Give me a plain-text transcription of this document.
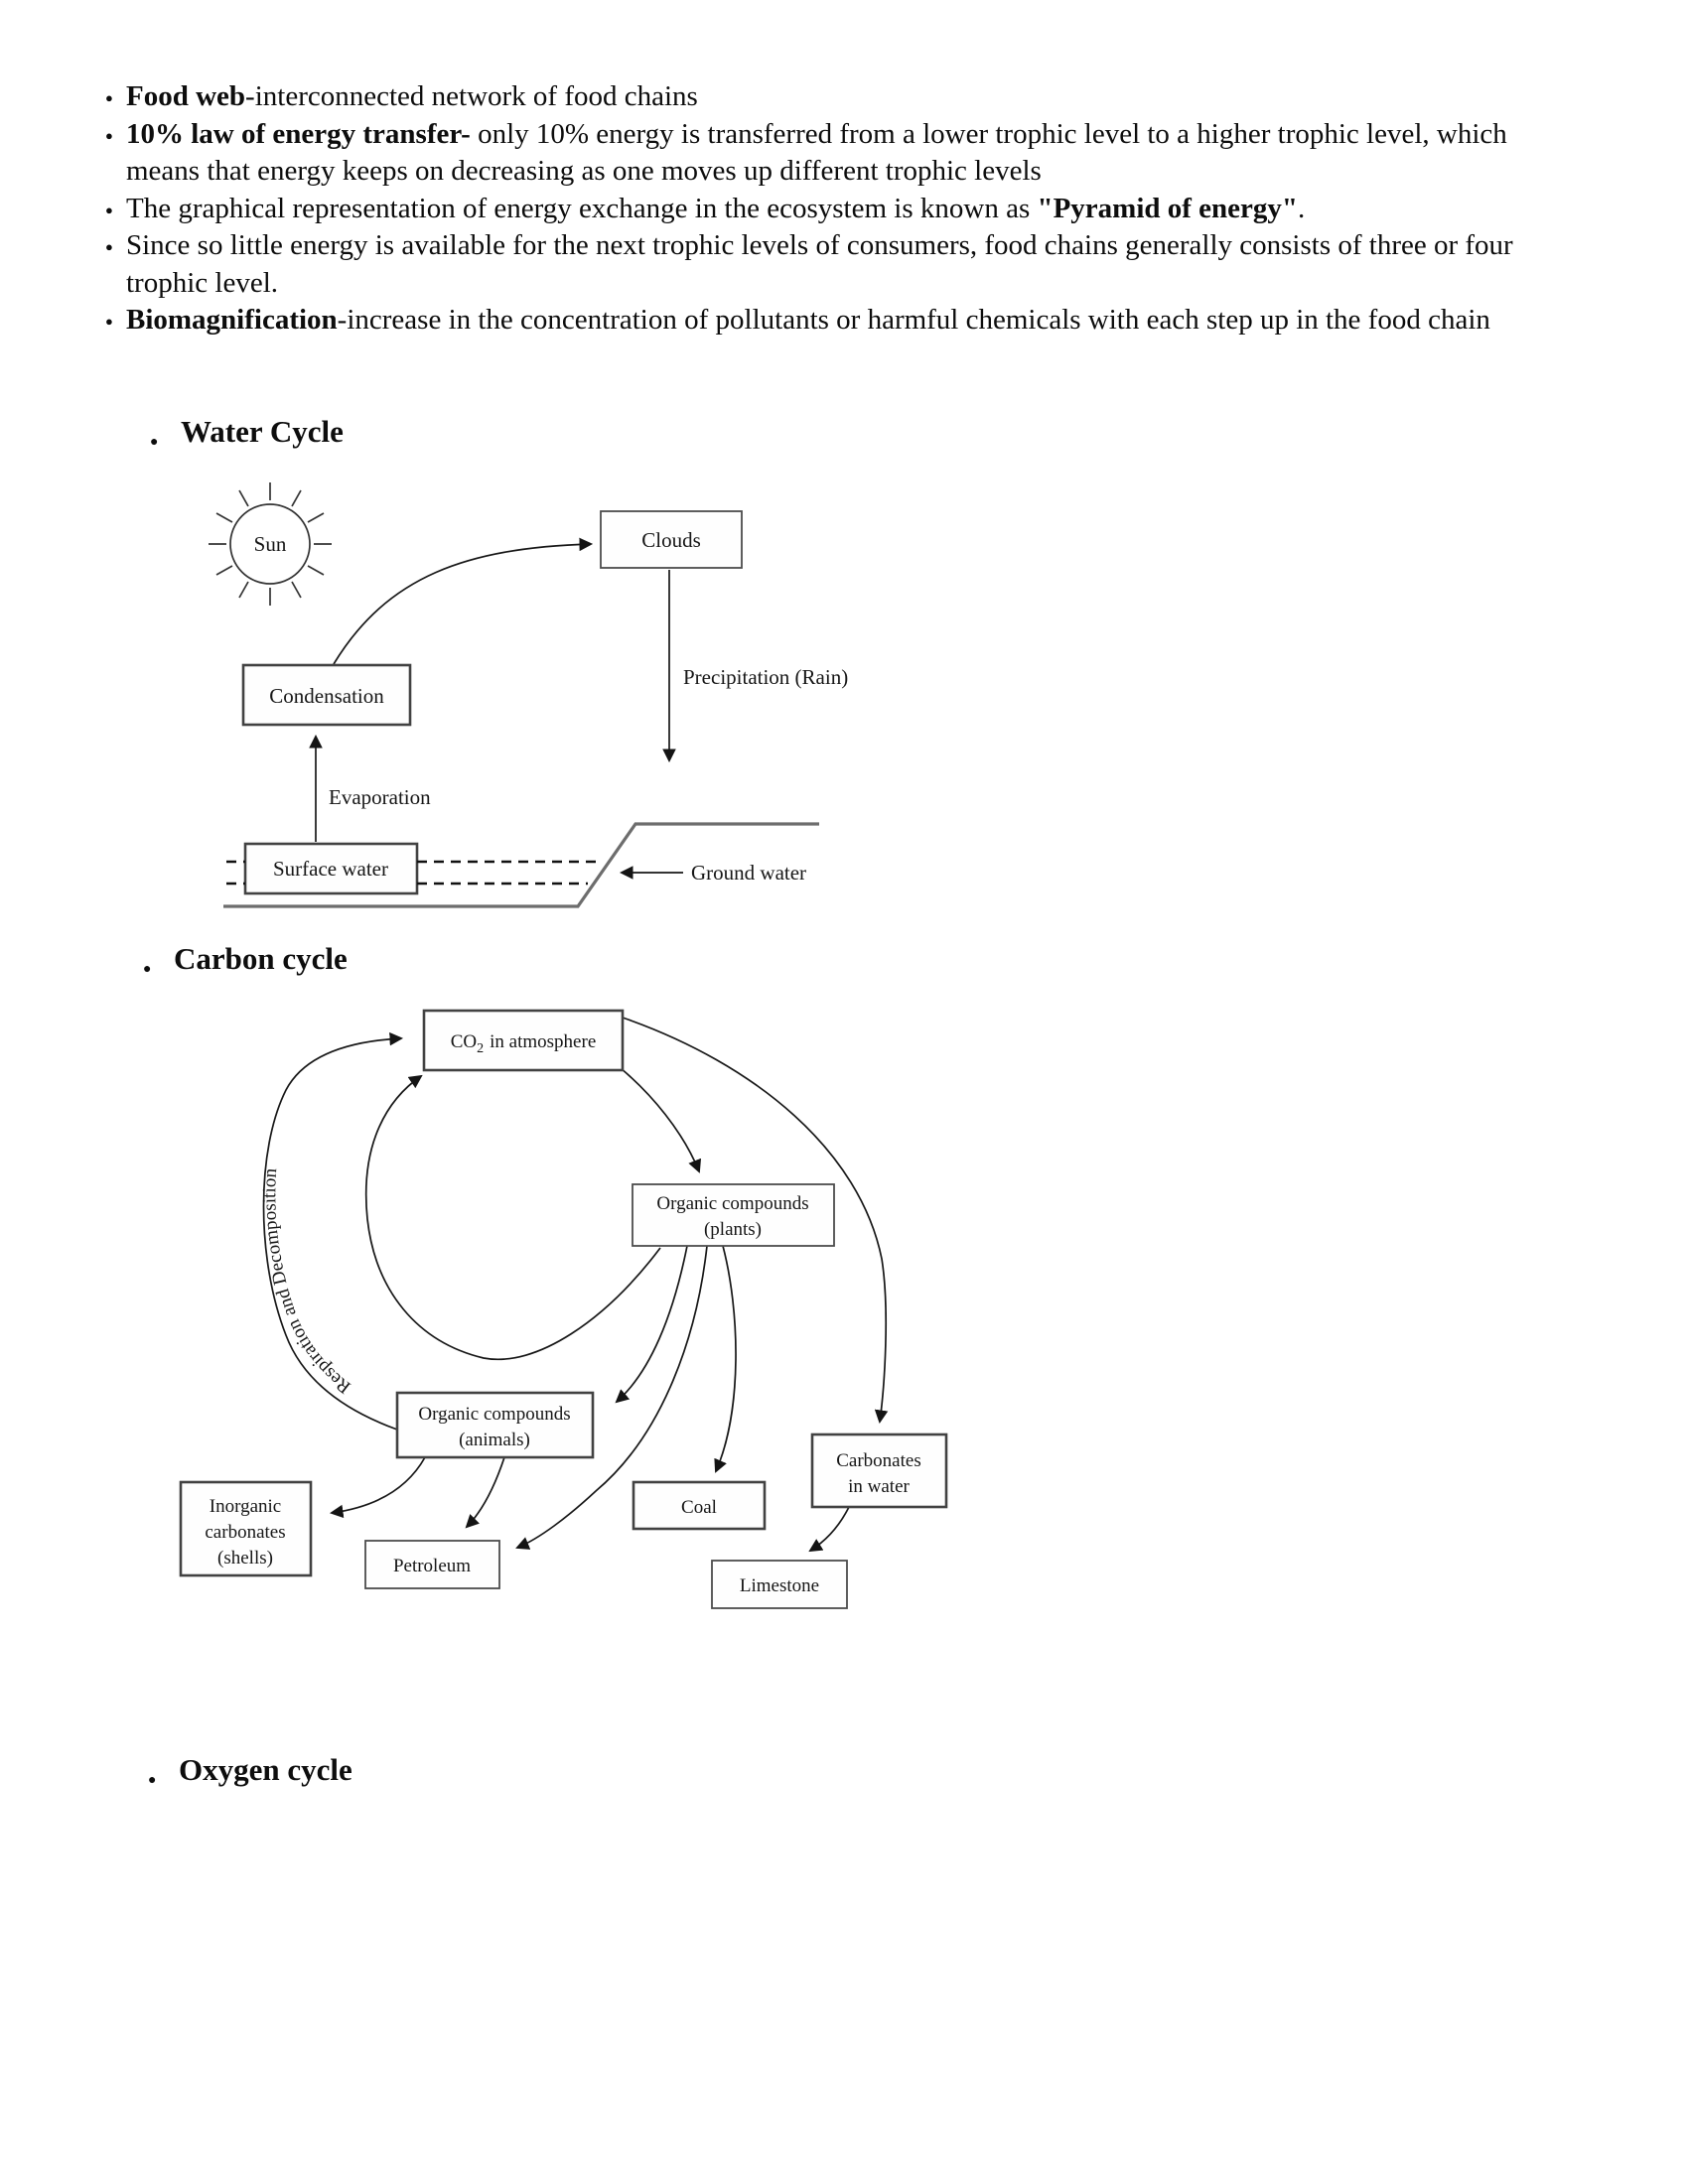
● Food web-interconnected network of food chains
● 10% law of energy transfer- only 10% energy is transferred from a lower trophic level to a higher trophic level, which means that energy keeps on decreasing as one moves up different trophic levels
● The graphical representation of energy exchange in the ecosystem is known as "Pyramid of energy".
● Since so little energy is available for the next trophic levels of consumers, food chains generally consists of three or four trophic level.
● Biomagnification-increase in the concentration of pollutants or harmful chemicals with each step up in the food chain
● Water Cycle
● Carbon cycle
● Oxygen cycle
Sun	Clouds
Precipitation (Rain)
Condensation
Evaporation
Surface water	Ground water
Respiration and Decomposition
$CO_2$ in atmosphere
Organic compounds
(plants)
Organic compounds
(animals)
Inorganic
carbonates
(shells)	Petroleum
Coal
Carbonates
in water
Limestone
